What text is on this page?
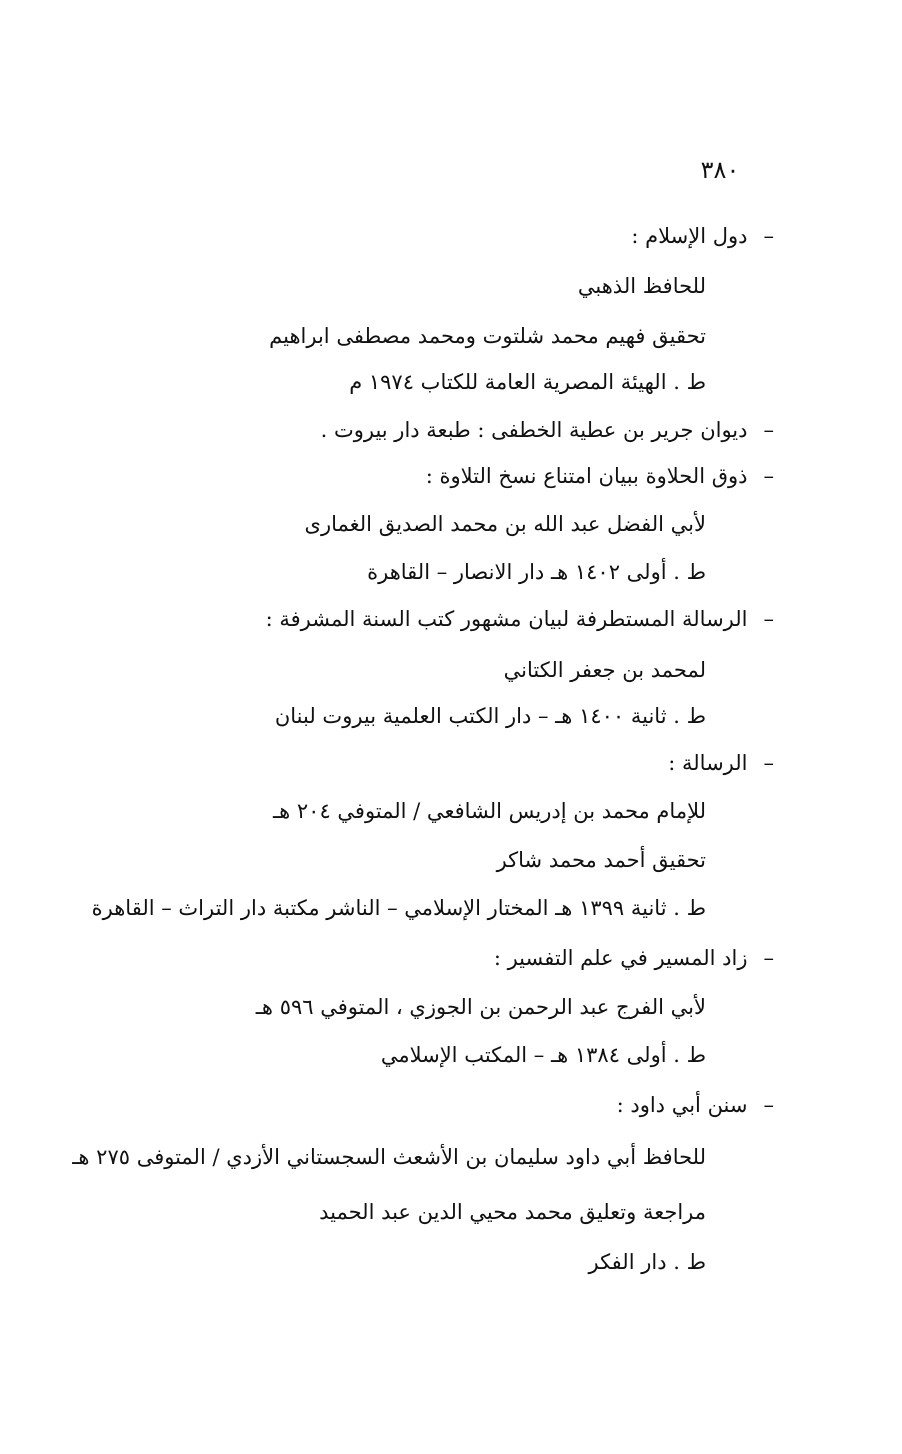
٣٨٠
–دول الإسلام :
للحافظ الذهبي
تحقيق فهيم محمد شلتوت ومحمد مصطفى ابراهيم
ط . الهيئة المصرية العامة للكتاب ١٩٧٤ م
–ديوان جرير بن عطية الخطفى : طبعة دار بيروت .
–ذوق الحلاوة ببيان امتناع نسخ التلاوة :
لأبي الفضل عبد الله بن محمد الصديق الغمارى
ط . أولى ١٤٠٢ هـ دار الانصار – القاهرة
–الرسالة المستطرفة لبيان مشهور كتب السنة المشرفة :
لمحمد بن جعفر الكتاني
ط . ثانية ١٤٠٠ هـ – دار الكتب العلمية بيروت لبنان
–الرسالة :
للإمام محمد بن إدريس الشافعي / المتوفي ٢٠٤ هـ
تحقيق أحمد محمد شاكر
ط . ثانية ١٣٩٩ هـ المختار الإسلامي – الناشر مكتبة دار التراث – القاهرة
–زاد المسير في علم التفسير :
لأبي الفرج عبد الرحمن بن الجوزي ، المتوفي ٥٩٦ هـ
ط . أولى ١٣٨٤ هـ – المكتب الإسلامي
–سنن أبي داود :
للحافظ أبي داود سليمان بن الأشعث السجستاني الأزدي / المتوفى ٢٧٥ هـ
مراجعة وتعليق محمد محيي الدين عبد الحميد
ط . دار الفكر
